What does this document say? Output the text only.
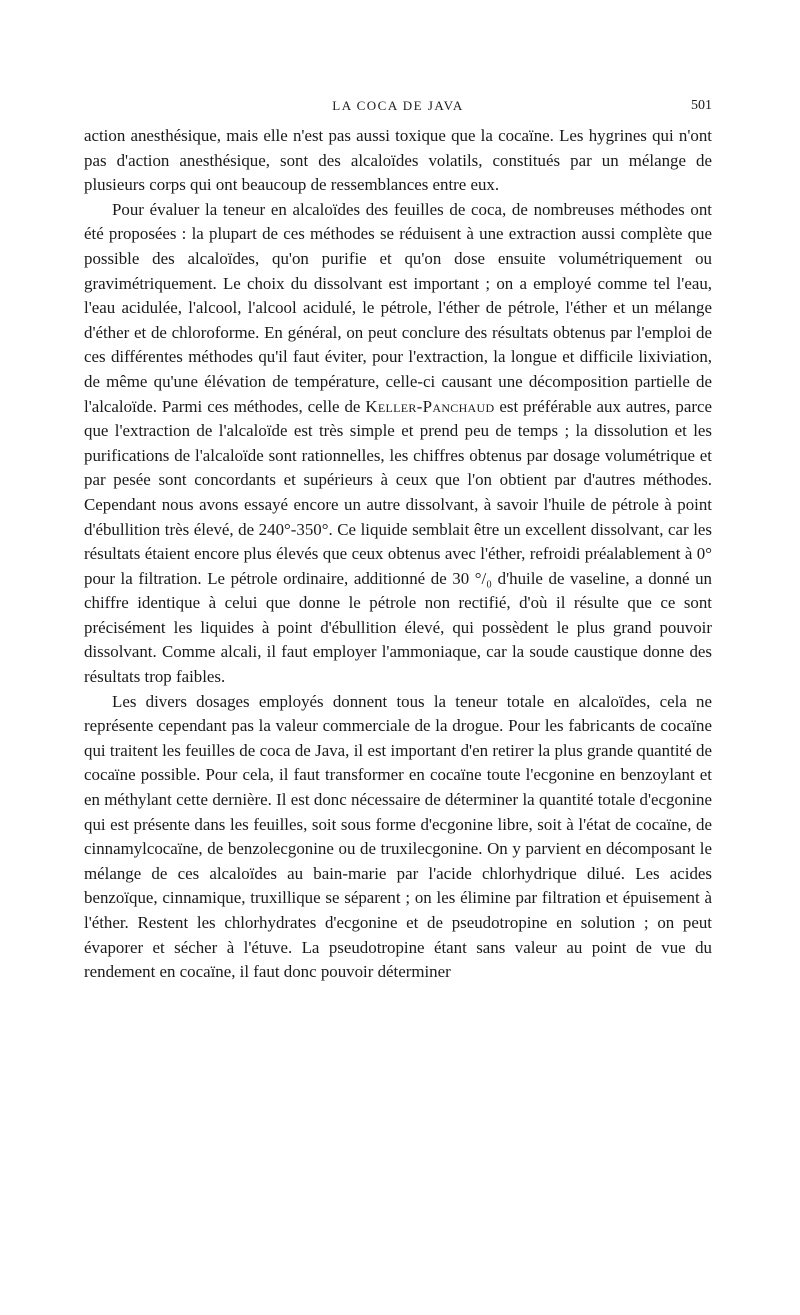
LA COCA DE JAVA	501

action anesthésique, mais elle n'est pas aussi toxique que la cocaïne. Les hygrines qui n'ont pas d'action anesthésique, sont des alcaloïdes volatils, constitués par un mélange de plusieurs corps qui ont beaucoup de ressemblances entre eux.

Pour évaluer la teneur en alcaloïdes des feuilles de coca, de nombreuses méthodes ont été proposées : la plupart de ces méthodes se réduisent à une extraction aussi complète que possible des alcaloïdes, qu'on purifie et qu'on dose ensuite volumétriquement ou gravimétriquement. Le choix du dissolvant est important ; on a employé comme tel l'eau, l'eau acidulée, l'alcool, l'alcool acidulé, le pétrole, l'éther de pétrole, l'éther et un mélange d'éther et de chloroforme. En général, on peut conclure des résultats obtenus par l'emploi de ces différentes méthodes qu'il faut éviter, pour l'extraction, la longue et difficile lixiviation, de même qu'une élévation de température, celle-ci causant une décomposition partielle de l'alcaloïde. Parmi ces méthodes, celle de Keller-Panchaud est préférable aux autres, parce que l'extraction de l'alcaloïde est très simple et prend peu de temps ; la dissolution et les purifications de l'alcaloïde sont rationnelles, les chiffres obtenus par dosage volumétrique et par pesée sont concordants et supérieurs à ceux que l'on obtient par d'autres méthodes. Cependant nous avons essayé encore un autre dissolvant, à savoir l'huile de pétrole à point d'ébullition très élevé, de 240°-350°. Ce liquide semblait être un excellent dissolvant, car les résultats étaient encore plus élevés que ceux obtenus avec l'éther, refroidi préalablement à 0° pour la filtration. Le pétrole ordinaire, additionné de 30 °/₀ d'huile de vaseline, a donné un chiffre identique à celui que donne le pétrole non rectifié, d'où il résulte que ce sont précisément les liquides à point d'ébullition élevé, qui possèdent le plus grand pouvoir dissolvant. Comme alcali, il faut employer l'ammoniaque, car la soude caustique donne des résultats trop faibles.

Les divers dosages employés donnent tous la teneur totale en alcaloïdes, cela ne représente cependant pas la valeur commerciale de la drogue. Pour les fabricants de cocaïne qui traitent les feuilles de coca de Java, il est important d'en retirer la plus grande quantité de cocaïne possible. Pour cela, il faut transformer en cocaïne toute l'ecgonine en benzoylant et en méthylant cette dernière. Il est donc nécessaire de déterminer la quantité totale d'ecgonine qui est présente dans les feuilles, soit sous forme d'ecgonine libre, soit à l'état de cocaïne, de cinnamylcocaïne, de benzolecgonine ou de truxilecgonine. On y parvient en décomposant le mélange de ces alcaloïdes au bain-marie par l'acide chlorhydrique dilué. Les acides benzoïque, cinnamique, truxillique se séparent ; on les élimine par filtration et épuisement à l'éther. Restent les chlorhydrates d'ecgonine et de pseudotropine en solution ; on peut évaporer et sécher à l'étuve. La pseudotropine étant sans valeur au point de vue du rendement en cocaïne, il faut donc pouvoir déterminer
